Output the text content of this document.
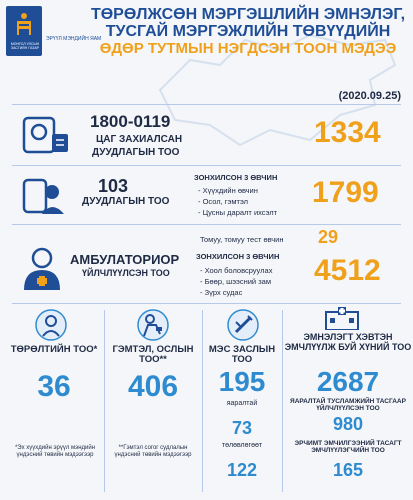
МОНГОЛ УЛСЫН ЗАСГИЙН ГАЗАР
ЭРҮҮЛ МЭНДИЙН ЯАМ
ТӨРӨЛЖСӨН МЭРГЭШЛИЙН ЭМНЭЛЭГ,
ТУСГАЙ МЭРГЭЖЛИЙН ТӨВҮҮДИЙН
ӨДӨР ТУТМЫН НЭГДСЭН ТООН МЭДЭЭ
(2020.09.25)
1800-0119
ЦАГ ЗАХИАЛСАН
ДУУДЛАГЫН ТОО
1334
103
ДУУДЛАГЫН ТОО
ЗОНХИЛСОН 3 ӨВЧИН
- Хүүхдийн өвчин
- Осол, гэмтэл
- Цусны даралт ихсэлт
1799
АМБУЛАТОРИОР
ҮЙЛЧЛҮҮЛСЭН ТОО
Томуу, томуу тест өвчин 29
ЗОНХИЛСОН 3 ӨВЧИН
- Хоол боловсруулах
- Бөөр, шээсний зам
- Зүрх судас
4512
ТӨРӨЛТИЙН ТОО*
36
*Эх хүүхдийн эрүүл мэндийн үндэсний төвийн мэдээгээр
ГЭМТЭЛ, ОСЛЫН ТОО**
406
**Гэмтэл согог судлалын үндэсний төвийн мэдээгээр
МЭС ЗАСЛЫН ТОО
195
яаралтай
73
төлөвлөгөөт
122
ЭМНЭЛЭГТ ХЭВТЭН ЭМЧЛҮҮЛЖ БУЙ ХҮНИЙ ТОО
2687
ЯАРАЛТАЙ ТУСЛАМЖИЙН ТАСГААР ҮЙЛЧЛҮҮЛСЭН ТОО
980
ЭРЧИМТ ЭМЧИЛГЭЭНИЙ ТАСАГТ ЭМЧЛҮҮЛЭГЧИЙН ТОО
165
